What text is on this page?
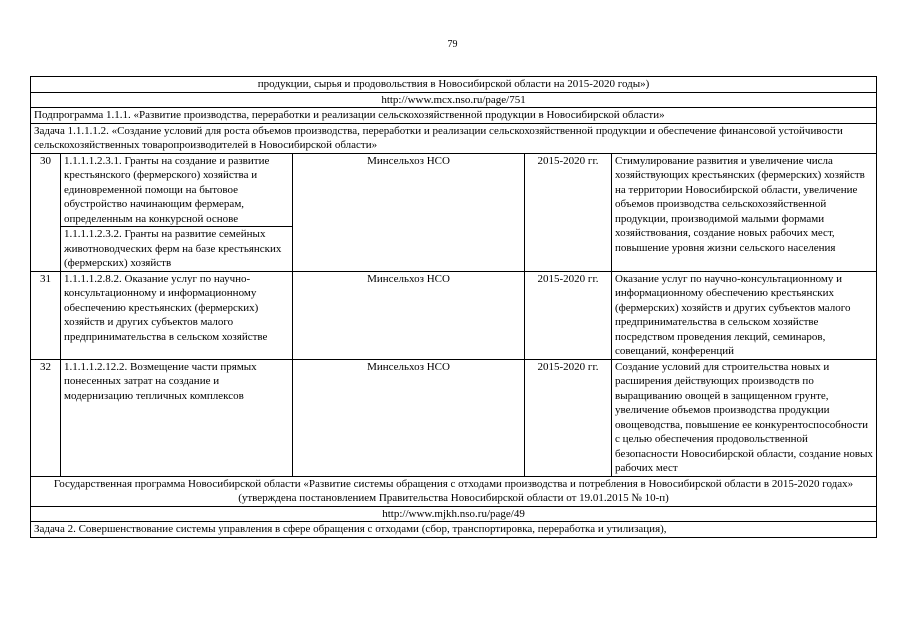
79
продукции, сырья и продовольствия в Новосибирской области на 2015-2020 годы»)				
http://www.mcx.nso.ru/page/751				
Подпрограмма 1.1.1. «Развитие производства, переработки и реализации сельскохозяйственной продукции в Новосибирской области»				
Задача 1.1.1.1.2. «Создание условий для роста объемов производства, переработки и реализации сельскохозяйственной продукции и обеспечение финансовой устойчивости сельскохозяйственных товаропроизводителей в Новосибирской области»				
30	1.1.1.1.2.3.1. Гранты на создание и развитие крестьянского (фермерского) хозяйства и единовременной помощи на бытовое обустройство начинающим фермерам, определенным на конкурсной основе	Минсельхоз НСО	2015-2020 гг.	Стимулирование развития и увеличение числа хозяйствующих крестьянских (фермерских) хозяйств на территории Новосибирской области, увеличение объемов производства сельскохозяйственной продукции, производимой малыми формами хозяйствования, создание новых рабочих мест, повышение уровня жизни сельского населения
	1.1.1.1.2.3.2. Гранты на развитие семейных животноводческих ферм на базе крестьянских (фермерских) хозяйств			
31	1.1.1.1.2.8.2. Оказание услуг по научно-консультационному и информационному обеспечению крестьянских (фермерских) хозяйств и других субъектов малого предпринимательства в сельском хозяйстве	Минсельхоз НСО	2015-2020 гг.	Оказание услуг по научно-консультационному и информационному обеспечению крестьянских (фермерских) хозяйств и других субъектов малого предпринимательства в сельском хозяйстве посредством проведения лекций, семинаров, совещаний, конференций
32	1.1.1.1.2.12.2. Возмещение части прямых понесенных затрат на создание и модернизацию тепличных комплексов	Минсельхоз НСО	2015-2020 гг.	Создание условий для строительства новых и расширения действующих производств по выращиванию овощей в защищенном грунте, увеличение объемов производства продукции овощеводства, повышение ее конкурентоспособности с целью обеспечения продовольственной безопасности Новосибирской области, создание новых рабочих мест
Государственная программа Новосибирской области «Развитие системы обращения с отходами производства и потребления в Новосибирской области в 2015-2020 годах» (утверждена постановлением Правительства Новосибирской области от 19.01.2015 № 10-п)				
http://www.mjkh.nso.ru/page/49				
Задача 2. Совершенствование системы управления в сфере обращения с отходами (сбор, транспортировка, переработка и утилизация),				
